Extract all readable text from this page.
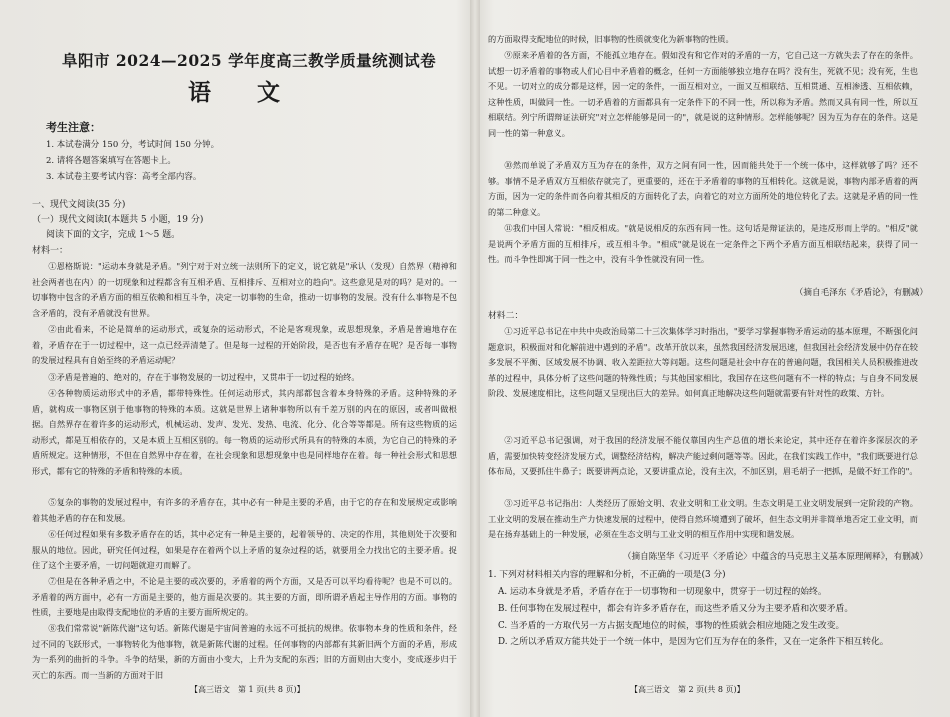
阜阳市 2024—2025 学年度高三教学质量统测试卷
语文
考生注意：
1. 本试卷满分 150 分，考试时间 150 分钟。
2. 请将各题答案填写在答题卡上。
3. 本试卷主要考试内容：高考全部内容。
一、现代文阅读(35 分)
（一）现代文阅读Ⅰ(本题共 5 小题，19 分)
阅读下面的文字，完成 1～5 题。
材料一：

①恩格斯说："运动本身就是矛盾。"列宁对于对立统一法则所下的定义，说它就是"承认（发现）自然界（精神和社会两者也在内）的一切现象和过程都含有互相矛盾、互相排斥、互相对立的趋向"。这些意见是对的吗？是对的。一切事物中包含的矛盾方面的相互依赖和相互斗争，决定一切事物的生命，推动一切事物的发展。没有什么事物是不包含矛盾的，没有矛盾就没有世界。

②由此看来，不论是简单的运动形式，或复杂的运动形式，不论是客观现象，或思想现象，矛盾是普遍地存在着，矛盾存在于一切过程中，这一点已经弄清楚了。但是每一过程的开始阶段，是否也有矛盾存在呢？是否每一事物的发展过程具有自始至终的矛盾运动呢？

③矛盾是普遍的、绝对的，存在于事物发展的一切过程中，又贯串于一切过程的始终。

④各种物质运动形式中的矛盾，都带特殊性。任何运动形式，其内部都包含着本身特殊的矛盾。这种特殊的矛盾，就构成一事物区别于他事物的特殊的本质。这就是世界上诸种事物所以有千差万别的内在的原因，或者叫做根据。自然界存在着许多的运动形式，机械运动、发声、发光、发热、电流、化分、化合等等都是。所有这些物质的运动形式，都是互相依存的，又是本质上互相区别的。每一物质的运动形式所具有的特殊的本质，为它自己的特殊的矛盾所规定。这种情形，不但在自然界中存在着，在社会现象和思想现象中也是同样地存在着。每一种社会形式和思想形式，都有它的特殊的矛盾和特殊的本质。

⑤复杂的事物的发展过程中，有许多的矛盾存在，其中必有一种是主要的矛盾，由于它的存在和发展规定或影响着其他矛盾的存在和发展。

⑥任何过程如果有多数矛盾存在的话，其中必定有一种是主要的，起着领导的、决定的作用，其他则处于次要和服从的地位。因此，研究任何过程，如果是存在着两个以上矛盾的复杂过程的话，就要用全力找出它的主要矛盾。捉住了这个主要矛盾，一切问题就迎刃而解了。

⑦但是在各种矛盾之中，不论是主要的或次要的，矛盾着的两个方面，又是否可以平均看待呢？也是不可以的。矛盾着的两方面中，必有一方面是主要的，他方面是次要的。其主要的方面，即所谓矛盾起主导作用的方面。事物的性质，主要地是由取得支配地位的矛盾的主要方面所规定的。

⑧我们常常说"新陈代谢"这句话。新陈代谢是宇宙间普遍的永远不可抵抗的规律。依事物本身的性质和条件，经过不同的飞跃形式，一事物转化为他事物，就是新陈代谢的过程。任何事物的内部都有其新旧两个方面的矛盾，形成为一系列的曲折的斗争。斗争的结果，新的方面由小变大，上升为支配的东西；旧的方面则由大变小，变成逐步归于灭亡的东西。而一当新的方面对于旧

【高三语文　第 1 页(共 8 页)】

的方面取得支配地位的时候，旧事物的性质就变化为新事物的性质。

⑨原来矛盾着的各方面，不能孤立地存在。假如没有和它作对的矛盾的一方，它自己这一方就失去了存在的条件。试想一切矛盾着的事物或人们心目中矛盾着的概念，任何一方面能够独立地存在吗？没有生，死就不见；没有死，生也不见。一切对立的成分都是这样，因一定的条件，一面互相对立，一面又互相联结、互相贯通、互相渗透、互相依赖，这种性质，叫做同一性。一切矛盾着的方面都具有一定条件下的不同一性，所以称为矛盾。然而又具有同一性，所以互相联结。列宁所谓辩证法研究"对立怎样能够是同一的"，就是说的这种情形。怎样能够呢？因为互为存在的条件。这是同一性的第一种意义。

⑩然而单说了矛盾双方互为存在的条件，双方之间有同一性，因而能共处于一个统一体中，这样就够了吗？还不够。事情不是矛盾双方互相依存就完了，更重要的，还在于矛盾着的事物的互相转化。这就是说，事物内部矛盾着的两方面，因为一定的条件而各向着其相反的方面转化了去，向着它的对立方面所处的地位转化了去。这就是矛盾的同一性的第二种意义。

⑪我们中国人常说："相反相成。"就是说相反的东西有同一性。这句话是辩证法的，是违反形而上学的。"相反"就是说两个矛盾方面的互相排斥，或互相斗争。"相成"就是说在一定条件之下两个矛盾方面互相联结起来，获得了同一性。而斗争性即寓于同一性之中，没有斗争性就没有同一性。

（摘自毛泽东《矛盾论》，有删减）
材料二：

①习近平总书记在中共中央政治局第二十三次集体学习时指出，"要学习掌握事物矛盾运动的基本原理，不断强化问题意识，积极面对和化解前进中遇到的矛盾"。改革开放以来，虽然我国经济发展迅速，但我国社会经济发展中仍存在较多发展不平衡、区域发展不协调、收入差距拉大等问题。这些问题是社会中存在的普遍问题，我国相关人员积极推进改革的过程中，具体分析了这些问题的特殊性质；与其他国家相比，我国存在这些问题有不一样的特点；与自身不同发展阶段、发展速度相比，这些问题又呈现出巨大的差异。如何真正地解决这些问题就需要有针对性的政策、方针。

②习近平总书记强调，对于我国的经济发展不能仅靠国内生产总值的增长来论定，其中还存在着许多深层次的矛盾，需要加快转变经济发展方式，调整经济结构，解决产能过剩问题等等。因此，在我们实践工作中，"我们既要进行总体布局，又要抓住牛鼻子；既要讲两点论，又要讲重点论，没有主次，不加区别，眉毛胡子一把抓，是做不好工作的"。

③习近平总书记指出：人类经历了原始文明、农业文明和工业文明。生态文明是工业文明发展到一定阶段的产物。工业文明的发展在推动生产力快速发展的过程中，使得自然环境遭到了破坏，但生态文明并非简单地否定工业文明，而是在扬弃基础上的一种发展，必须在生态文明与工业文明的相互作用中实现和谐发展。

（摘自陈坚华《习近平〈矛盾论〉中蕴含的马克思主义基本原理阐释》，有删减）
1. 下列对材料相关内容的理解和分析，不正确的一项是(3 分)
A. 运动本身就是矛盾，矛盾存在于一切事物和一切现象中，贯穿于一切过程的始终。
B. 任何事物在发展过程中，都会有许多矛盾存在，而这些矛盾又分为主要矛盾和次要矛盾。
C. 当矛盾的一方取代另一方占据支配地位的时候，事物的性质就会相应地随之发生改变。
D. 之所以矛盾双方能共处于一个统一体中，是因为它们互为存在的条件，又在一定条件下相互转化。
【高三语文　第 2 页(共 8 页)】
